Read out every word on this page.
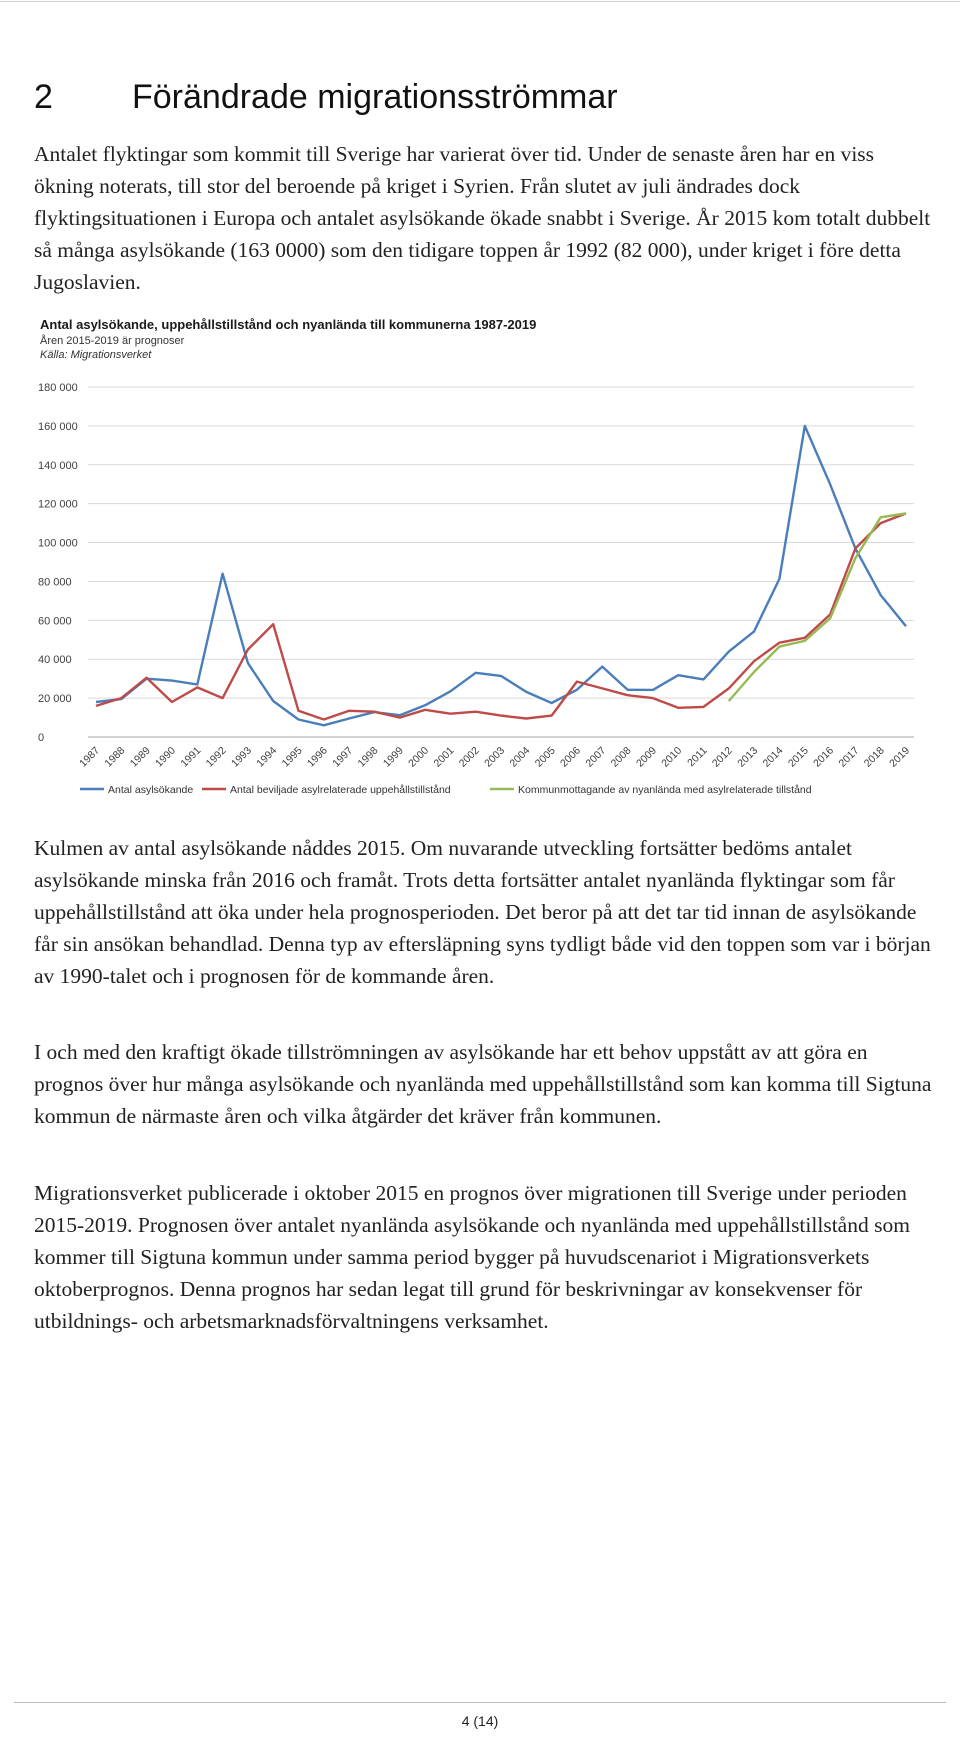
2 Förändrade migrationsströmmar

Antalet flyktingar som kommit till Sverige har varierat över tid. Under de senaste åren har en viss ökning noterats, till stor del beroende på kriget i Syrien. Från slutet av juli ändrades dock flyktingsituationen i Europa och antalet asylsökande ökade snabbt i Sverige. År 2015 kom totalt dubbelt så många asylsökande (163 0000) som den tidigare toppen år 1992 (82 000), under kriget i före detta Jugoslavien.

Antal asylsökande, uppehållstillstånd och nyanlända till kommunerna 1987-2019
Åren 2015-2019 är prognoser
Källa: Migrationsverket
0
20 000
40 000
60 000
80 000
100 000
120 000
140 000
160 000
180 000
1987 1988 1989 1990 1991 1992 1993 1994 1995 1996 1997 1998 1999 2000 2001 2002 2003 2004 2005 2006 2007 2008 2009 2010 2011 2012 2013 2014 2015 2016 2017 2018 2019
Antal asylsökande	Antal beviljade asylrelaterade uppehållstillstånd	Kommunmottagande av nyanlända med asylrelaterade tillstånd

Kulmen av antal asylsökande nåddes 2015. Om nuvarande utveckling fortsätter bedöms antalet asylsökande minska från 2016 och framåt. Trots detta fortsätter antalet nyanlända flyktingar som får uppehållstillstånd att öka under hela prognosperioden. Det beror på att det tar tid innan de asylsökande får sin ansökan behandlad. Denna typ av eftersläpning syns tydligt både vid den toppen som var i början av 1990-talet och i prognosen för de kommande åren.

I och med den kraftigt ökade tillströmningen av asylsökande har ett behov uppstått av att göra en prognos över hur många asylsökande och nyanlända med uppehållstillstånd som kan komma till Sigtuna kommun de närmaste åren och vilka åtgärder det kräver från kommunen.

Migrationsverket publicerade i oktober 2015 en prognos över migrationen till Sverige under perioden 2015-2019. Prognosen över antalet nyanlända asylsökande och nyanlända med uppehållstillstånd som kommer till Sigtuna kommun under samma period bygger på huvudscenariot i Migrationsverkets oktoberprognos. Denna prognos har sedan legat till grund för beskrivningar av konsekvenser för utbildnings- och arbetsmarknadsförvaltningens verksamhet.

4 (14)
